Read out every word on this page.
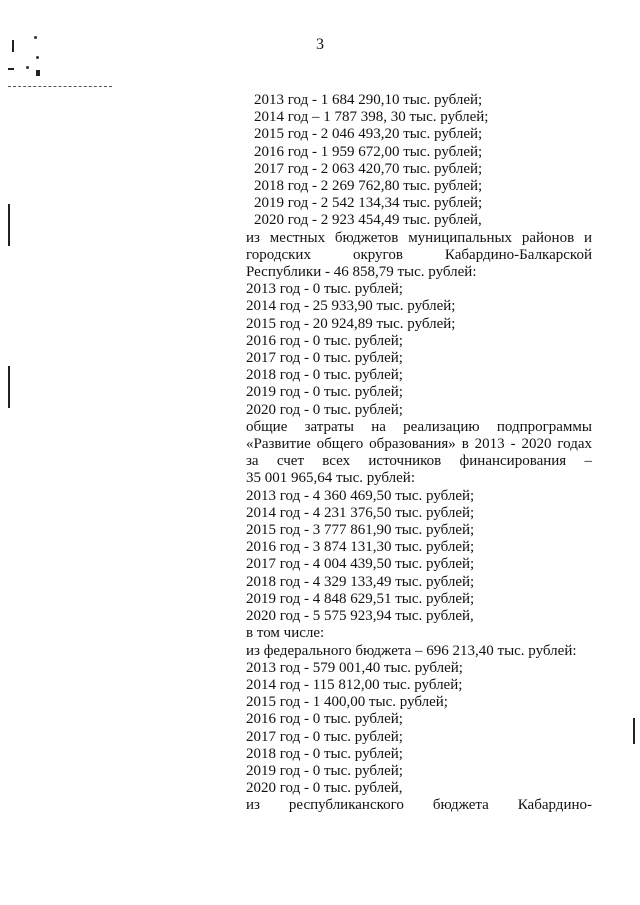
3
2013 год - 1 684 290,10 тыс. рублей;
2014 год – 1 787 398, 30 тыс. рублей;
2015 год - 2 046 493,20 тыс. рублей;
2016 год - 1 959 672,00 тыс. рублей;
2017 год - 2 063 420,70 тыс. рублей;
2018 год - 2 269 762,80 тыс. рублей;
2019 год - 2 542 134,34 тыс. рублей;
2020 год - 2 923 454,49 тыс. рублей,
из местных бюджетов муниципальных районов и
городских округов Кабардино-Балкарской
Республики - 46 858,79 тыс. рублей:
2013 год - 0 тыс. рублей;
2014 год - 25 933,90 тыс. рублей;
2015 год - 20 924,89 тыс. рублей;
2016 год - 0 тыс. рублей;
2017 год - 0 тыс. рублей;
2018 год - 0 тыс. рублей;
2019 год - 0 тыс. рублей;
2020 год - 0 тыс. рублей;
общие затраты на реализацию подпрограммы
«Развитие общего образования» в 2013 - 2020 годах
за счет всех источников финансирования –
35 001 965,64 тыс. рублей:
2013 год - 4 360 469,50 тыс. рублей;
2014 год - 4 231 376,50 тыс. рублей;
2015 год - 3 777 861,90 тыс. рублей;
2016 год - 3 874 131,30 тыс. рублей;
2017 год - 4 004 439,50 тыс. рублей;
2018 год - 4 329 133,49 тыс. рублей;
2019 год - 4 848 629,51 тыс. рублей;
2020 год - 5 575 923,94 тыс. рублей,
в том числе:
из федерального бюджета – 696 213,40 тыс. рублей:
2013 год - 579 001,40 тыс. рублей;
2014 год - 115 812,00 тыс. рублей;
2015 год - 1 400,00 тыс. рублей;
2016 год - 0 тыс. рублей;
2017 год - 0 тыс. рублей;
2018 год - 0 тыс. рублей;
2019 год - 0 тыс. рублей;
2020 год - 0 тыс. рублей,
из республиканского бюджета Кабардино-
